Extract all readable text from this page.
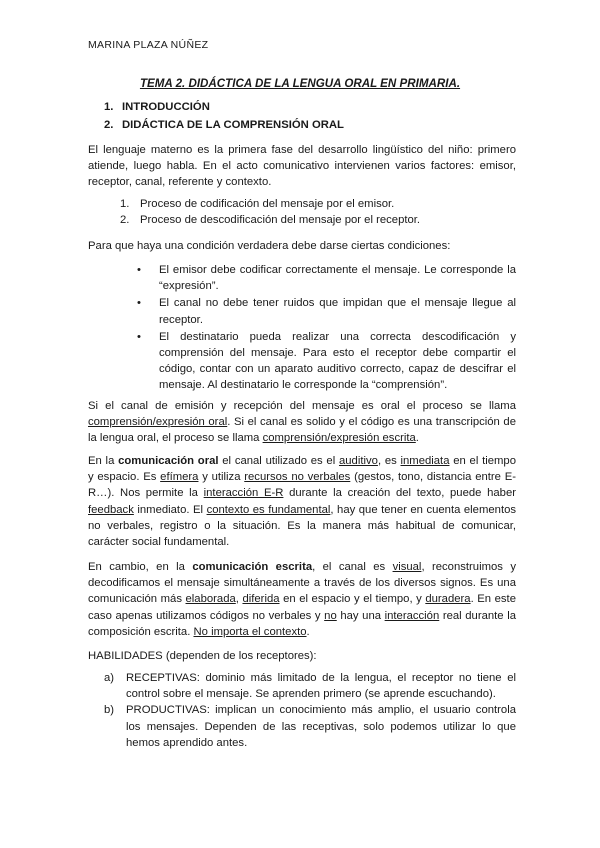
MARINA PLAZA NÚÑEZ
TEMA 2. DIDÁCTICA DE LA LENGUA ORAL EN PRIMARIA.
1. INTRODUCCIÓN
2. DIDÁCTICA DE LA COMPRENSIÓN ORAL
El lenguaje materno es la primera fase del desarrollo lingüístico del niño: primero atiende, luego habla. En el acto comunicativo intervienen varios factores: emisor, receptor, canal, referente y contexto.
1. Proceso de codificación del mensaje por el emisor.
2. Proceso de descodificación del mensaje por el receptor.
Para que haya una condición verdadera debe darse ciertas condiciones:
• El emisor debe codificar correctamente el mensaje. Le corresponde la “expresión”.
• El canal no debe tener ruidos que impidan que el mensaje llegue al receptor.
• El destinatario pueda realizar una correcta descodificación y comprensión del mensaje. Para esto el receptor debe compartir el código, contar con un aparato auditivo correcto, capaz de descifrar el mensaje. Al destinatario le corresponde la “comprensión”.
Si el canal de emisión y recepción del mensaje es oral el proceso se llama comprensión/expresión oral. Si el canal es solido y el código es una transcripción de la lengua oral, el proceso se llama comprensión/expresión escrita.
En la comunicación oral el canal utilizado es el auditivo, es inmediata en el tiempo y espacio. Es efímera y utiliza recursos no verbales (gestos, tono, distancia entre E-R…). Nos permite la interacción E-R durante la creación del texto, puede haber feedback inmediato. El contexto es fundamental, hay que tener en cuenta elementos no verbales, registro o la situación. Es la manera más habitual de comunicar, carácter social fundamental.
En cambio, en la comunicación escrita, el canal es visual, reconstruimos y decodificamos el mensaje simultáneamente a través de los diversos signos. Es una comunicación más elaborada, diferida en el espacio y el tiempo, y duradera. En este caso apenas utilizamos códigos no verbales y no hay una interacción real durante la composición escrita. No importa el contexto.
HABILIDADES (dependen de los receptores):
a) RECEPTIVAS: dominio más limitado de la lengua, el receptor no tiene el control sobre el mensaje. Se aprenden primero (se aprende escuchando).
b) PRODUCTIVAS: implican un conocimiento más amplio, el usuario controla los mensajes. Dependen de las receptivas, solo podemos utilizar lo que hemos aprendido antes.
